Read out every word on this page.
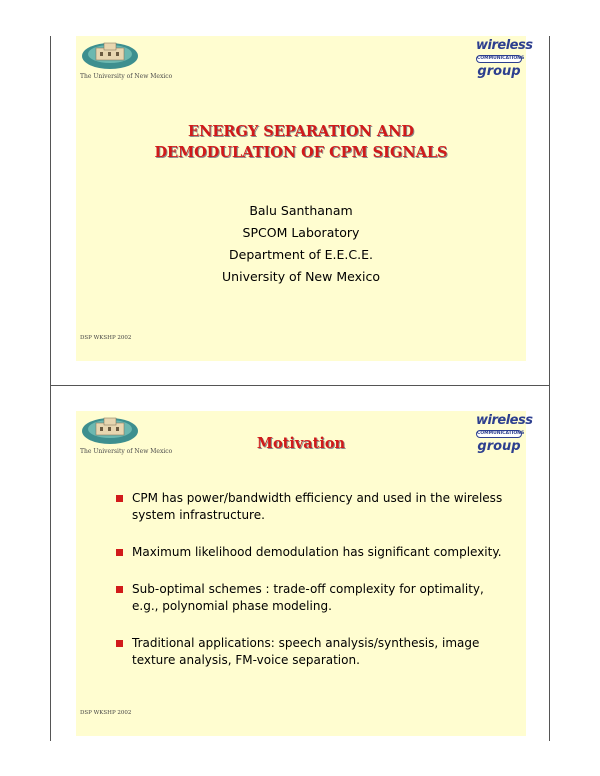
The University of New Mexico
wireless
COMMUNICATIONS
group
ENERGY SEPARATION AND
DEMODULATION OF CPM SIGNALS
Balu Santhanam
SPCOM Laboratory
Department of E.E.C.E.
University of New Mexico
DSP WKSHP 2002
The University of New Mexico
wireless
COMMUNICATIONS
group
Motivation
CPM has power/bandwidth efficiency and used in the wireless system infrastructure.
Maximum likelihood demodulation has significant complexity.
Sub-optimal schemes : trade-off complexity for optimality, e.g., polynomial phase modeling.
Traditional applications: speech analysis/synthesis, image texture analysis, FM-voice separation.
DSP WKSHP 2002
